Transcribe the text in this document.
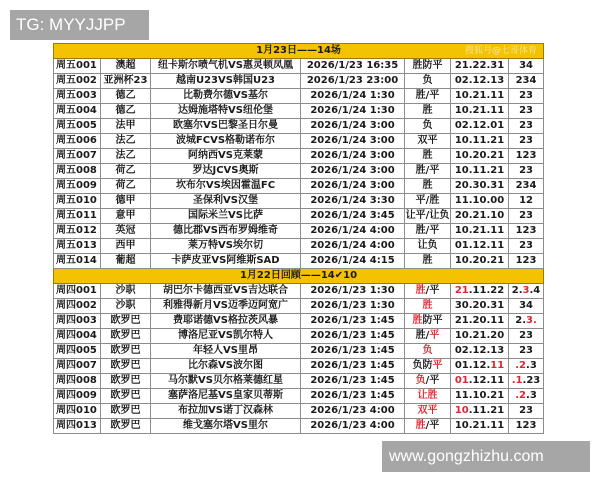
TG: MYYJJPP
1月23日——14场 搜狐号@七哥体育						

周五001	澳超	纽卡斯尔喷气机VS惠灵顿凤凰	2026/1/23 16:35	胜防平	21.22.31	34
周五002	亚洲杯23	越南U23VS韩国U23	2026/1/23 23:00	负	02.12.13	234
周五003	德乙	比勒费尔德VS基尔	2026/1/24 1:30	胜/平	10.21.11	23
周五004	德乙	达姆施塔特VS纽伦堡	2026/1/24 1:30	胜	10.21.11	23
周五005	法甲	欧塞尔VS巴黎圣日尔曼	2026/1/24 3:00	负	02.12.01	23
周五006	法乙	波城FCVS格勒诺布尔	2026/1/24 3:00	双平	10.11.21	23
周五007	法乙	阿纳西VS克莱蒙	2026/1/24 3:00	胜	10.20.21	123
周五008	荷乙	罗达JCVS奥斯	2026/1/24 3:00	胜/平	10.11.21	23
周五009	荷乙	坎布尔VS埃因霍温FC	2026/1/24 3:00	胜	20.30.31	234
周五010	德甲	圣保利VS汉堡	2026/1/24 3:30	平/胜	11.10.00	12
周五011	意甲	国际米兰VS比萨	2026/1/24 3:45	让平/让负	20.21.10	23
周五012	英冠	德比郡VS西布罗姆维奇	2026/1/24 4:00	胜/平	10.21.11	123
周五013	西甲	莱万特VS埃尔切	2026/1/24 4:00	让负	01.12.11	23
周五014	葡超	卡萨皮亚VS阿维斯SAD	2026/1/24 4:15	胜	10.20.21	123

1月22日回顾——14✔10						

周四001	沙职	胡巴尔卡德西亚VS吉达联合	2026/1/23 1:30	胜/平	21.11.22	2.3.4
周四002	沙职	利雅得新月VS迈季迈阿宽广	2026/1/23 1:30	胜	30.20.31	34
周四003	欧罗巴	费耶诺德VS格拉茨风暴	2026/1/23 1:45	胜防平	21.20.11	2.3.
周四004	欧罗巴	博洛尼亚VS凯尔特人	2026/1/23 1:45	胜/平	10.21.20	23
周四005	欧罗巴	年轻人VS里昂	2026/1/23 1:45	负	02.12.13	23
周四007	欧罗巴	比尔森VS波尔图	2026/1/23 1:45	负防平	01.12.11	.2.3
周四008	欧罗巴	马尔默VS贝尔格莱德红星	2026/1/23 1:45	负/平	01.12.11	.1.23
周四009	欧罗巴	塞萨洛尼基VS皇家贝蒂斯	2026/1/23 1:45	让胜	11.10.21	.2.3
周四010	欧罗巴	布拉加VS诺丁汉森林	2026/1/23 4:00	双平	10.11.21	23
周四013	欧罗巴	维戈塞尔塔VS里尔	2026/1/23 4:00	胜/平	10.21.11	123
www.gongzhizhu.com
